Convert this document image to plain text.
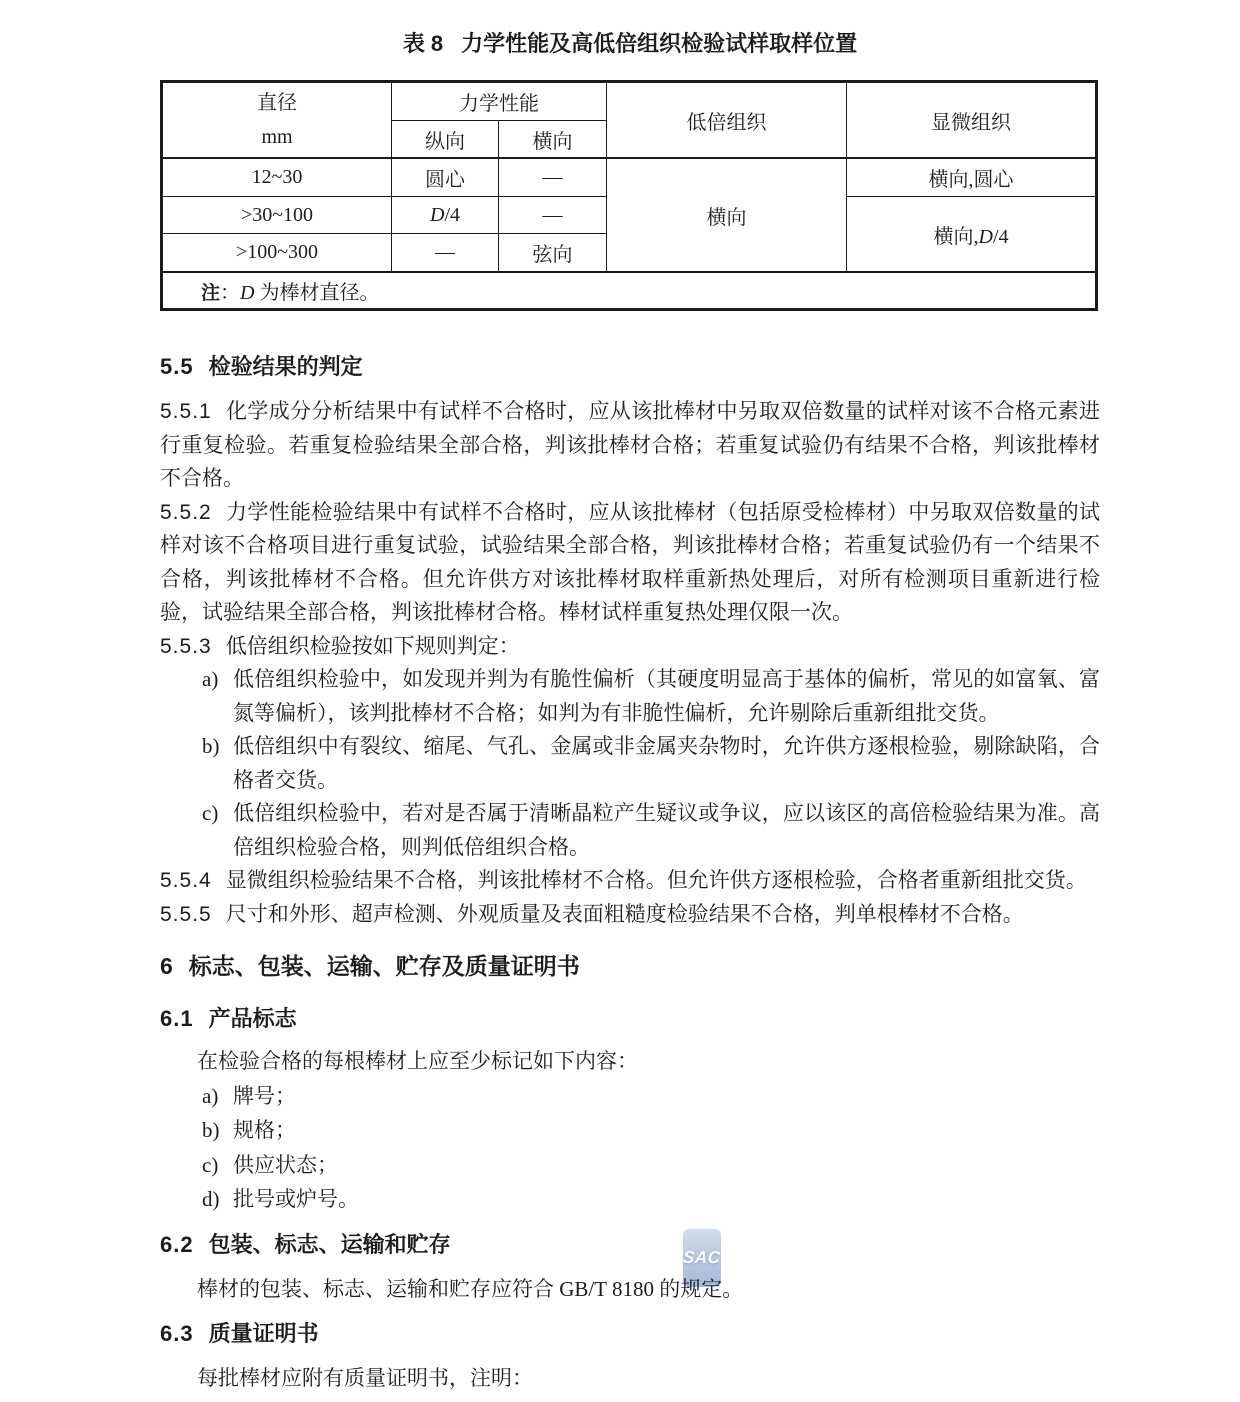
SAC

表 8 力学性能及高低倍组织检验试样取样位置

直径
mm	力学性能		低倍组织	显微组织
	纵向	横向		
12~30	圆心	—	横向	横向,圆心
>30~100	D/4	—		横向,D/4
>100~300	—	弦向		
注：D 为棒材直径。				

5.5 检验结果的判定

5.5.1 化学成分分析结果中有试样不合格时，应从该批棒材中另取双倍数量的试样对该不合格元素进行重复检验。若重复检验结果全部合格，判该批棒材合格；若重复试验仍有结果不合格，判该批棒材不合格。

5.5.2 力学性能检验结果中有试样不合格时，应从该批棒材（包括原受检棒材）中另取双倍数量的试样对该不合格项目进行重复试验，试验结果全部合格，判该批棒材合格；若重复试验仍有一个结果不合格，判该批棒材不合格。但允许供方对该批棒材取样重新热处理后，对所有检测项目重新进行检验，试验结果全部合格，判该批棒材合格。棒材试样重复热处理仅限一次。

5.5.3 低倍组织检验按如下规则判定：

a) 低倍组织检验中，如发现并判为有脆性偏析（其硬度明显高于基体的偏析，常见的如富氧、富氮等偏析），该判批棒材不合格；如判为有非脆性偏析，允许剔除后重新组批交货。
b) 低倍组织中有裂纹、缩尾、气孔、金属或非金属夹杂物时，允许供方逐根检验，剔除缺陷，合格者交货。
c) 低倍组织检验中，若对是否属于清晰晶粒产生疑议或争议，应以该区的高倍检验结果为准。高倍组织检验合格，则判低倍组织合格。

5.5.4 显微组织检验结果不合格，判该批棒材不合格。但允许供方逐根检验，合格者重新组批交货。

5.5.5 尺寸和外形、超声检测、外观质量及表面粗糙度检验结果不合格，判单根棒材不合格。

6 标志、包装、运输、贮存及质量证明书

6.1 产品标志

在检验合格的每根棒材上应至少标记如下内容：

a) 牌号；
b) 规格；
c) 供应状态；
d) 批号或炉号。

6.2 包装、标志、运输和贮存

棒材的包装、标志、运输和贮存应符合 GB/T 8180 的规定。

6.3 质量证明书

每批棒材应附有质量证明书，注明：
